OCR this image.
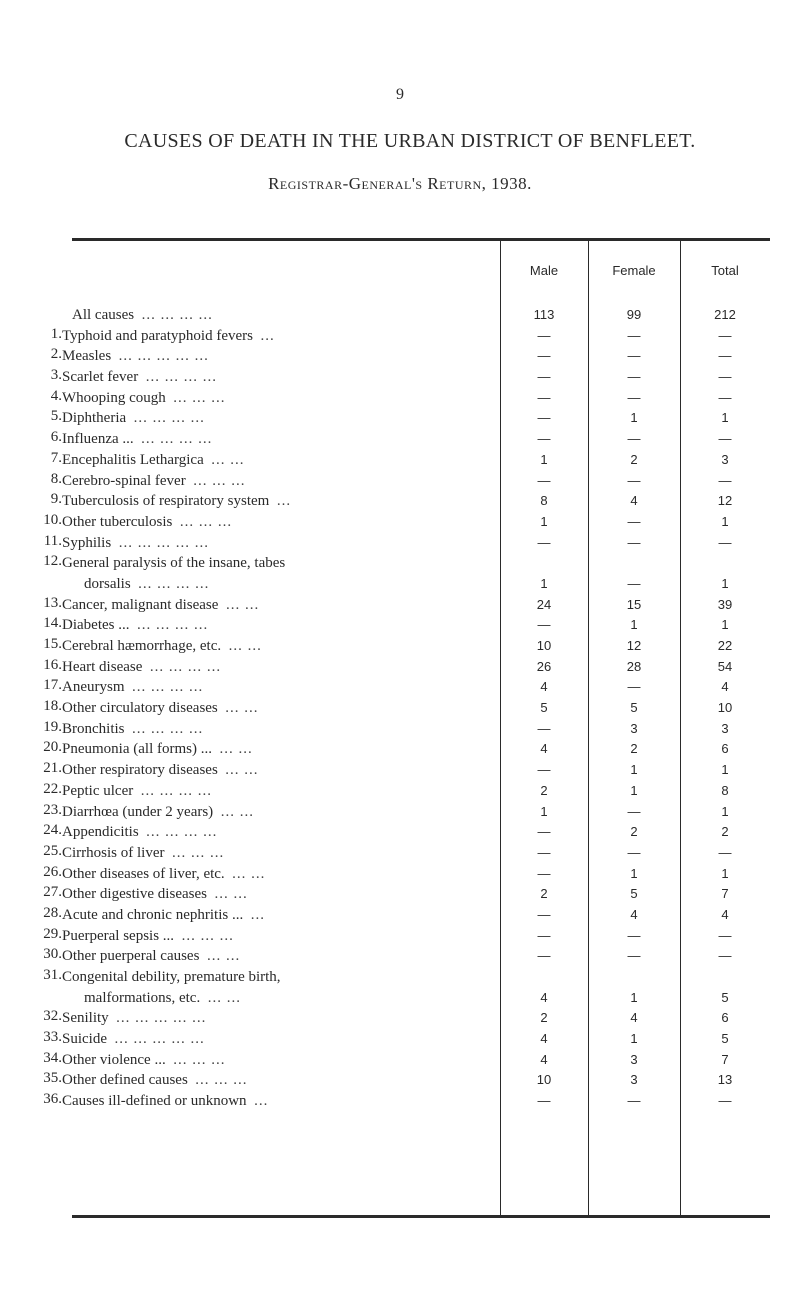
9
CAUSES OF DEATH IN THE URBAN DISTRICT OF BENFLEET.
Registrar-General's Return, 1938.
Male	Female	Total
All causes ... ... ... ...	113	99	212
1. Typhoid and paratyphoid fevers ...	—	—	—
2. Measles ... ... ... ... ...	—	—	—
3. Scarlet fever ... ... ... ...	—	—	—
4. Whooping cough ... ... ...	—	—	—
5. Diphtheria ... ... ... ...	—	1	1
6. Influenza ... ... ... ... ...	—	—	—
7. Encephalitis Lethargica ... ...	1	2	3
8. Cerebro-spinal fever ... ... ...	—	—	—
9. Tuberculosis of respiratory system ...	8	4	12
10. Other tuberculosis ... ... ...	1	—	1
11. Syphilis ... ... ... ... ...	—	—	—
12. General paralysis of the insane, tabes
dorsalis ... ... ... ...	1	—	1
13. Cancer, malignant disease ... ...	24	15	39
14. Diabetes ... ... ... ... ...	—	1	1
15. Cerebral hæmorrhage, etc. ... ...	10	12	22
16. Heart disease ... ... ... ...	26	28	54
17. Aneurysm ... ... ... ...	4	—	4
18. Other circulatory diseases ... ...	5	5	10
19. Bronchitis ... ... ... ...	—	3	3
20. Pneumonia (all forms) ... ... ...	4	2	6
21. Other respiratory diseases ... ...	—	1	1
22. Peptic ulcer ... ... ... ...	2	1	8
23. Diarrhœa (under 2 years) ... ...	1	—	1
24. Appendicitis ... ... ... ...	—	2	2
25. Cirrhosis of liver ... ... ...	—	—	—
26. Other diseases of liver, etc. ... ...	—	1	1
27. Other digestive diseases ... ...	2	5	7
28. Acute and chronic nephritis ... ...	—	4	4
29. Puerperal sepsis ... ... ... ...	—	—	—
30. Other puerperal causes ... ...	—	—	—
31. Congenital debility, premature birth,
malformations, etc. ... ...	4	1	5
32. Senility ... ... ... ... ...	2	4	6
33. Suicide ... ... ... ... ...	4	1	5
34. Other violence ... ... ... ...	4	3	7
35. Other defined causes ... ... ...	10	3	13
36. Causes ill-defined or unknown ...	—	—	—
